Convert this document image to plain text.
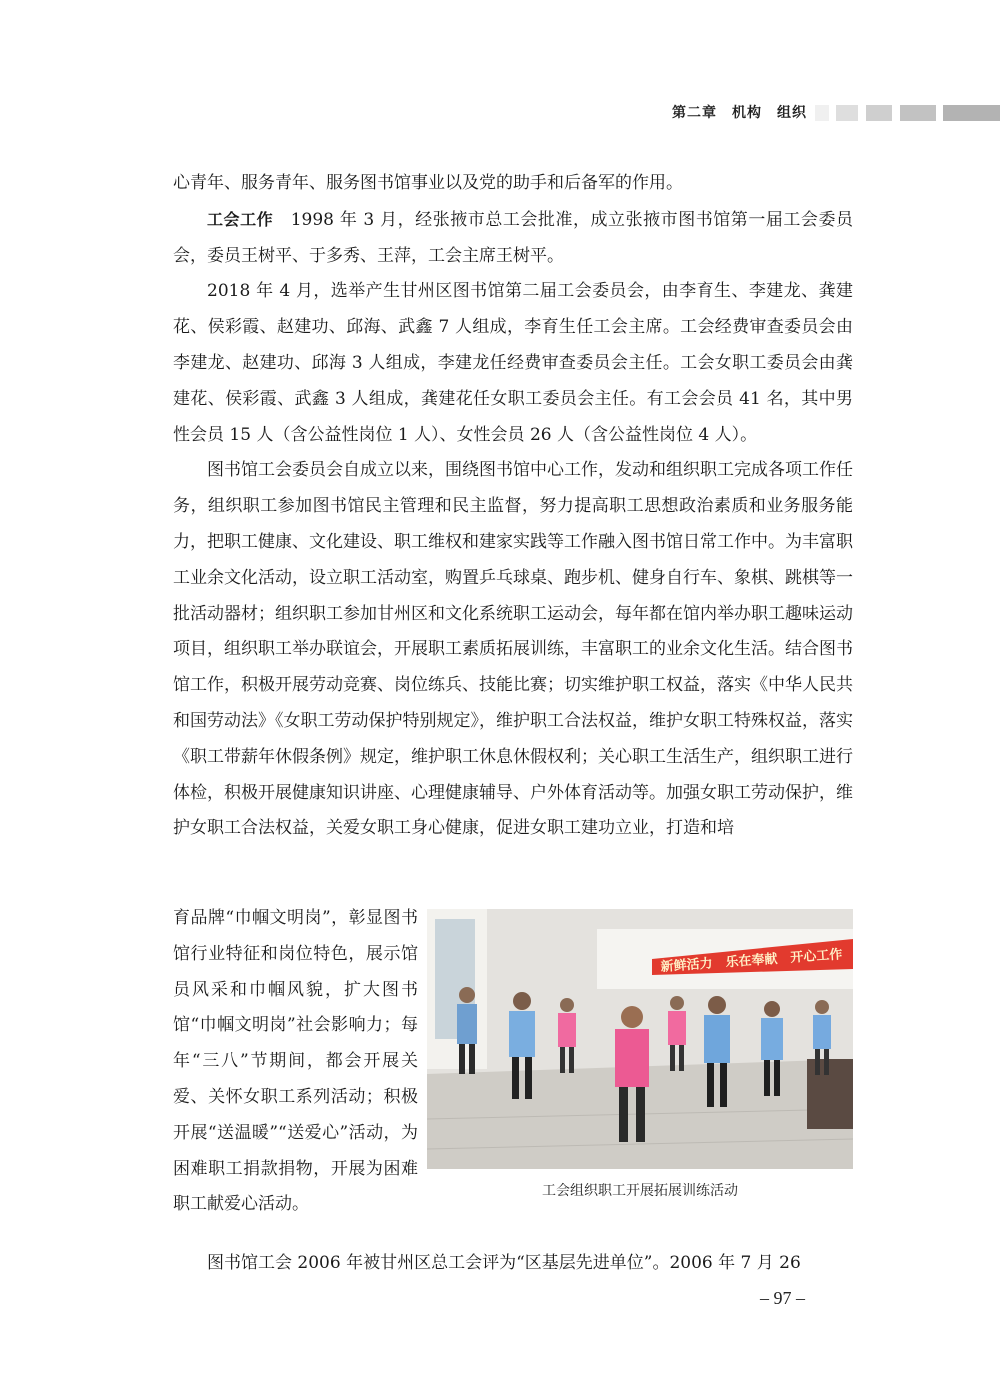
第二章　机构　组织

心青年、服务青年、服务图书馆事业以及党的助手和后备军的作用。

工会工作　 1998 年 3 月，经张掖市总工会批准，成立张掖市图书馆第一届工会委员会，委员王树平、于多秀、王萍，工会主席王树平。

2018 年 4 月，选举产生甘州区图书馆第二届工会委员会，由李育生、李建龙、龚建花、侯彩霞、赵建功、邱海、武鑫 7 人组成，李育生任工会主席。工会经费审查委员会由李建龙、赵建功、邱海 3 人组成，李建龙任经费审查委员会主任。工会女职工委员会由龚建花、侯彩霞、武鑫 3 人组成，龚建花任女职工委员会主任。有工会会员 41 名，其中男性会员 15 人（含公益性岗位 1 人）、女性会员 26 人（含公益性岗位 4 人）。

图书馆工会委员会自成立以来，围绕图书馆中心工作，发动和组织职工完成各项工作任务，组织职工参加图书馆民主管理和民主监督，努力提高职工思想政治素质和业务服务能力，把职工健康、文化建设、职工维权和建家实践等工作融入图书馆日常工作中。为丰富职工业余文化活动，设立职工活动室，购置乒乓球桌、跑步机、健身自行车、象棋、跳棋等一批活动器材；组织职工参加甘州区和文化系统职工运动会，每年都在馆内举办职工趣味运动项目，组织职工举办联谊会，开展职工素质拓展训练，丰富职工的业余文化生活。结合图书馆工作，积极开展劳动竞赛、岗位练兵、技能比赛；切实维护职工权益，落实《中华人民共和国劳动法》《女职工劳动保护特别规定》，维护职工合法权益，维护女职工特殊权益，落实《职工带薪年休假条例》规定，维护职工休息休假权利；关心职工生活生产，组织职工进行体检，积极开展健康知识讲座、心理健康辅导、户外体育活动等。加强女职工劳动保护，维护女职工合法权益，关爱女职工身心健康，促进女职工建功立业，打造和培

育品牌“巾帼文明岗”，彰显图书馆行业特征和岗位特色，展示馆员风采和巾帼风貌，扩大图书馆“巾帼文明岗”社会影响力；每年“三八”节期间，都会开展关爱、关怀女职工系列活动；积极开展“送温暖”“送爱心”活动，为困难职工捐款捐物，开展为困难职工献爱心活动。
新鲜活力　乐在奉献　开心工作
工会组织职工开展拓展训练活动

图书馆工会 2006 年被甘州区总工会评为“区基层先进单位”。2006 年 7 月 26

– 97 –
